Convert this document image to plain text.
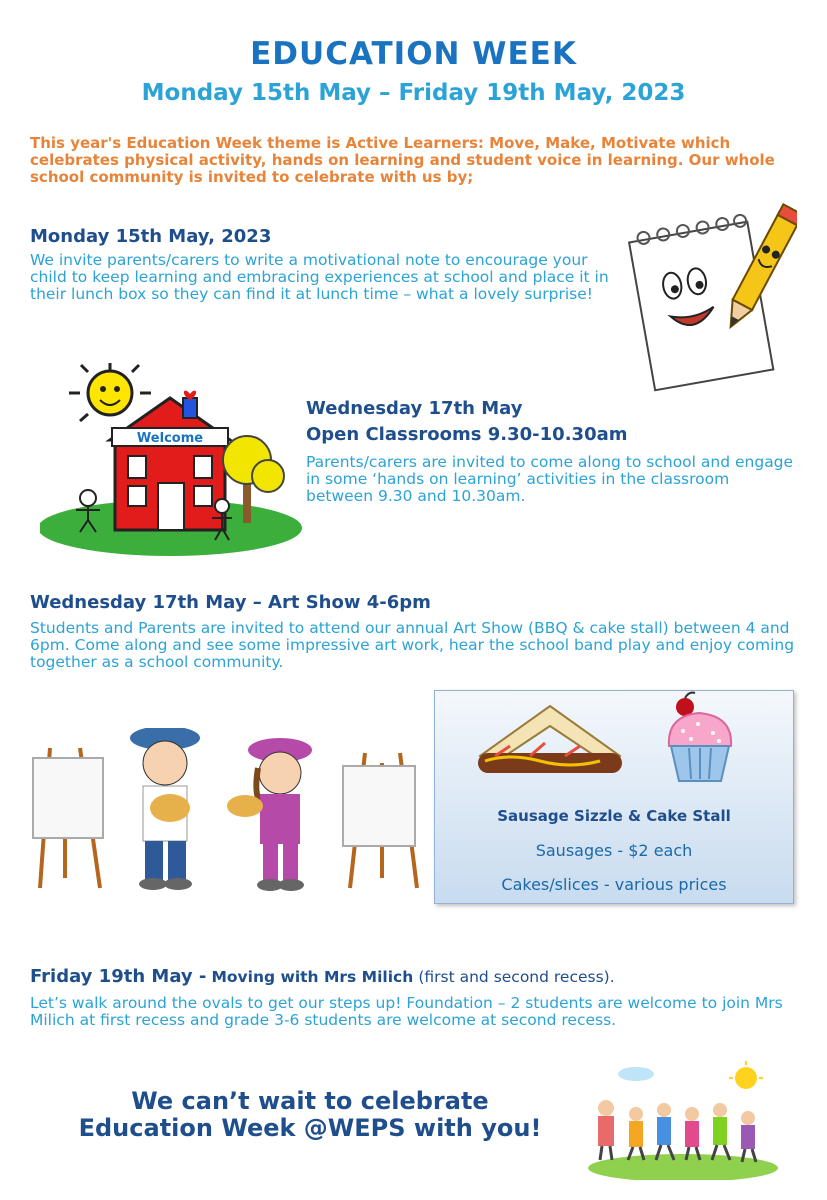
EDUCATION WEEK
Monday 15th May – Friday 19th May, 2023
This year's Education Week theme is Active Learners: Move, Make, Motivate which celebrates physical activity, hands on learning and student voice in learning. Our whole school community is invited to celebrate with us by;
Monday 15th May, 2023
We invite parents/carers to write a motivational note to encourage your child to keep learning and embracing experiences at school and place it in their lunch box so they can find it at lunch time – what a lovely surprise!
Welcome
Wednesday 17th May
Open Classrooms 9.30-10.30am
Parents/carers are invited to come along to school and engage in some ‘hands on learning’ activities in the classroom between 9.30 and 10.30am.
Wednesday 17th May – Art Show 4-6pm
Students and Parents are invited to attend our annual Art Show (BBQ & cake stall) between 4 and 6pm. Come along and see some impressive art work, hear the school band play and enjoy coming together as a school community.
Sausage Sizzle & Cake Stall
Sausages - $2 each
Cakes/slices - various prices
Friday 19th May - Moving with Mrs Milich (first and second recess).
Let’s walk around the ovals to get our steps up! Foundation – 2 students are welcome to join Mrs Milich at first recess and grade 3-6 students are welcome at second recess.
We can’t wait to celebrate
Education Week @WEPS with you!
